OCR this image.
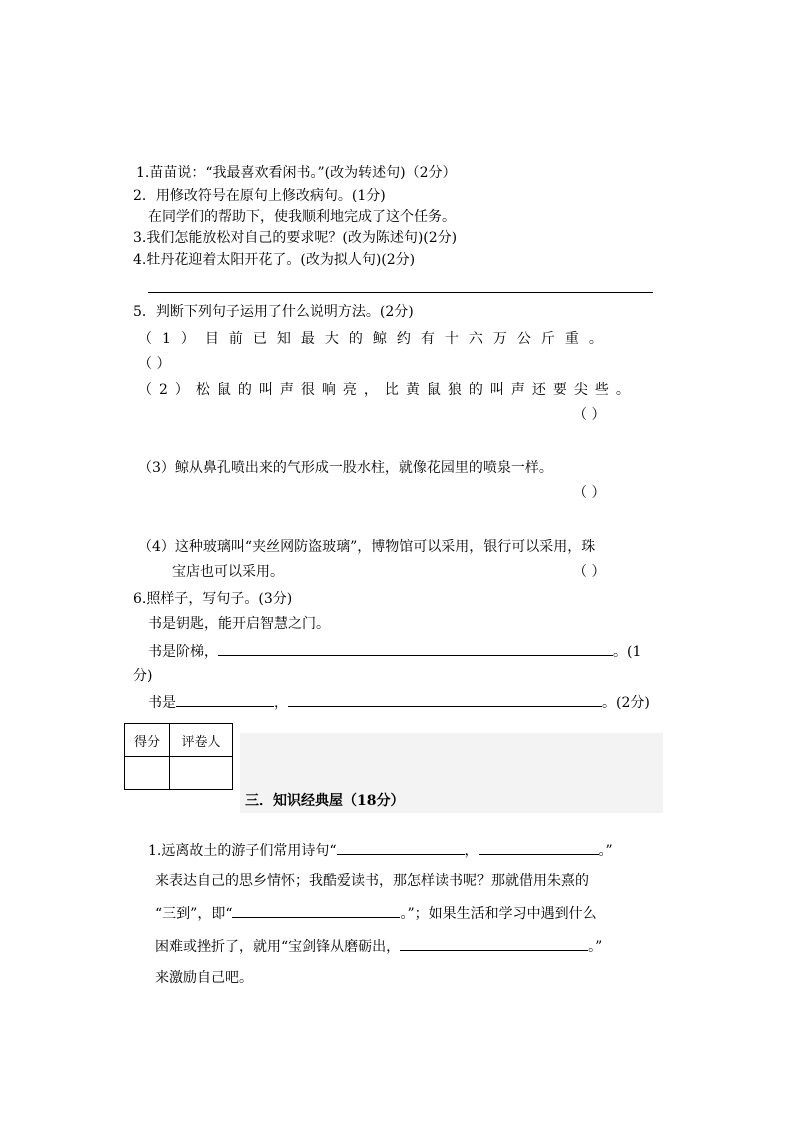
1.苗苗说：“我最喜欢看闲书。”(改为转述句)（2分）
2．用修改符号在原句上修改病句。(1分)
在同学们的帮助下，使我顺利地完成了这个任务。
3.我们怎能放松对自己的要求呢？(改为陈述句)(2分)
4.牡丹花迎着太阳开花了。(改为拟人句)(2分)
5．判断下列句子运用了什么说明方法。(2分)
（1）目前已知最大的鲸约有十六万公斤重。
（ ）
（2）松鼠的叫声很响亮，比黄鼠狼的叫声还要尖些。
（ ）
（3）鲸从鼻孔喷出来的气形成一股水柱，就像花园里的喷泉一样。
（ ）
（4）这种玻璃叫“夹丝网防盗玻璃”，博物馆可以采用，银行可以采用，珠
宝店也可以采用。	（ ）
6.照样子，写句子。(3分)
书是钥匙，能开启智慧之门。
书是阶梯，	。(1
分)
书是	，	。(2分)
得分	评卷人

三．知识经典屋（18分）
1.远离故土的游子们常用诗句“	，	。”
来表达自己的思乡情怀；我酷爱读书，那怎样读书呢？那就借用朱熹的
“三到”，即“	。”；如果生活和学习中遇到什么
困难或挫折了，就用“宝剑锋从磨砺出，	。”
来激励自己吧。
